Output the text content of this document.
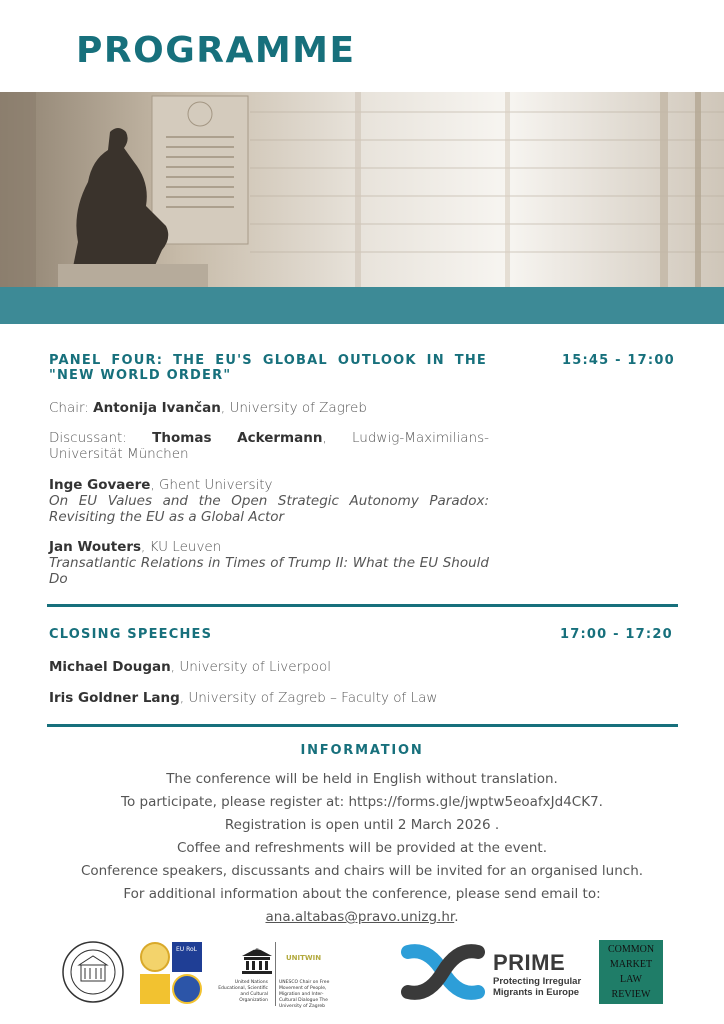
PROGRAMME
PANEL FOUR: THE EU'S GLOBAL OUTLOOK IN THE
"NEW WORLD ORDER"
15:45 - 17:00
Chair: Antonija Ivančan, University of Zagreb
Discussant: Thomas Ackermann, Ludwig-Maximilians-Universität München
Inge Govaere, Ghent University
On EU Values and the Open Strategic Autonomy Paradox: Revisiting the EU as a Global Actor
Jan Wouters, KU Leuven
Transatlantic Relations in Times of Trump II: What the EU Should Do
CLOSING SPEECHES	17:00 - 17:20
Michael Dougan, University of Liverpool
Iris Goldner Lang, University of Zagreb – Faculty of Law
INFORMATION
The conference will be held in English without translation.
To participate, please register at: https://forms.gle/jwptw5eoafxJd4CK7.
Registration is open until 2 March 2026 .
Coffee and refreshments will be provided at the event.
Conference speakers, discussants and chairs will be invited for an organised lunch.
For additional information about the conference, please send email to:
ana.altabas@pravo.unizg.hr.
EU RoL	UNESCO
United Nations Educational, Scientific and Cultural Organization
UNITWIN
UNESCO Chair on Free Movement of People, Migration and Inter-Cultural Dialogue The University of Zagreb
PRIME
Protecting Irregular
Migrants in Europe
COMMON
MARKET
LAW
REVIEW
